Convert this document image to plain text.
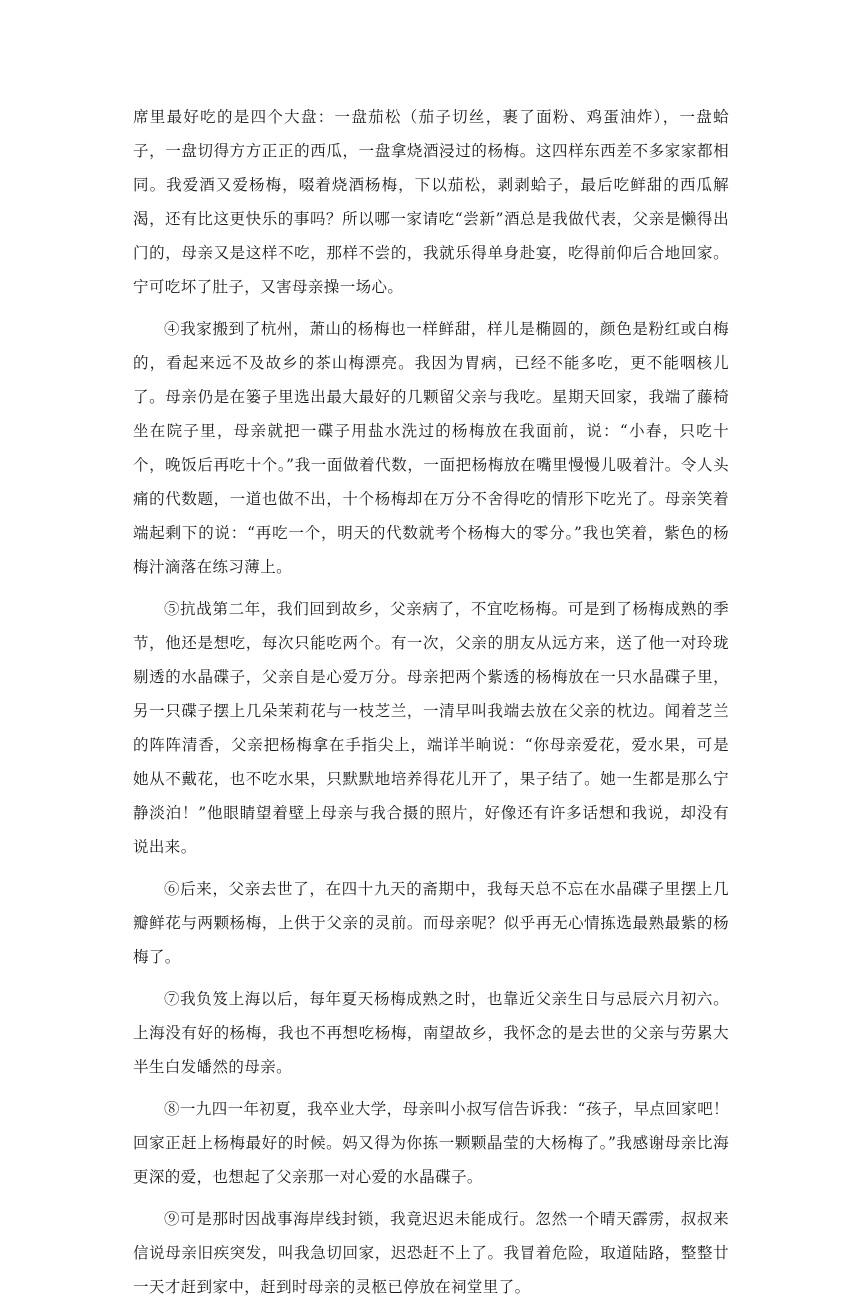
席里最好吃的是四个大盘：一盘茄松（茄子切丝，裹了面粉、鸡蛋油炸），一盘蛤子，一盘切得方方正正的西瓜，一盘拿烧酒浸过的杨梅。这四样东西差不多家家都相同。我爱酒又爱杨梅，啜着烧酒杨梅，下以茄松，剥剥蛤子，最后吃鲜甜的西瓜解渴，还有比这更快乐的事吗？所以哪一家请吃“尝新”酒总是我做代表，父亲是懒得出门的，母亲又是这样不吃，那样不尝的，我就乐得单身赴宴，吃得前仰后合地回家。宁可吃坏了肚子，又害母亲操一场心。

④我家搬到了杭州，萧山的杨梅也一样鲜甜，样儿是椭圆的，颜色是粉红或白梅的，看起来远不及故乡的茶山梅漂亮。我因为胃病，已经不能多吃，更不能咽核儿了。母亲仍是在篓子里选出最大最好的几颗留父亲与我吃。星期天回家，我端了藤椅坐在院子里，母亲就把一碟子用盐水洗过的杨梅放在我面前，说：“小春，只吃十个，晚饭后再吃十个。”我一面做着代数，一面把杨梅放在嘴里慢慢儿吸着汁。令人头痛的代数题，一道也做不出，十个杨梅却在万分不舍得吃的情形下吃光了。母亲笑着端起剩下的说：“再吃一个，明天的代数就考个杨梅大的零分。”我也笑着，紫色的杨梅汁滴落在练习薄上。

⑤抗战第二年，我们回到故乡，父亲病了，不宜吃杨梅。可是到了杨梅成熟的季节，他还是想吃，每次只能吃两个。有一次，父亲的朋友从远方来，送了他一对玲珑剔透的水晶碟子，父亲自是心爱万分。母亲把两个紫透的杨梅放在一只水晶碟子里，另一只碟子摆上几朵茉莉花与一枝芝兰，一清早叫我端去放在父亲的枕边。闻着芝兰的阵阵清香，父亲把杨梅拿在手指尖上，端详半晌说：“你母亲爱花，爱水果，可是她从不戴花，也不吃水果，只默默地培养得花儿开了，果子结了。她一生都是那么宁静淡泊！”他眼睛望着壁上母亲与我合摄的照片，好像还有许多话想和我说，却没有说出来。

⑥后来，父亲去世了，在四十九天的斋期中，我每天总不忘在水晶碟子里摆上几瓣鲜花与两颗杨梅，上供于父亲的灵前。而母亲呢？似乎再无心情拣选最熟最紫的杨梅了。

⑦我负笈上海以后，每年夏天杨梅成熟之时，也靠近父亲生日与忌辰六月初六。上海没有好的杨梅，我也不再想吃杨梅，南望故乡，我怀念的是去世的父亲与劳累大半生白发皤然的母亲。

⑧一九四一年初夏，我卒业大学，母亲叫小叔写信告诉我：“孩子，早点回家吧！回家正赶上杨梅最好的时候。妈又得为你拣一颗颗晶莹的大杨梅了。”我感谢母亲比海更深的爱，也想起了父亲那一对心爱的水晶碟子。

⑨可是那时因战事海岸线封锁，我竟迟迟未能成行。忽然一个晴天霹雳，叔叔来信说母亲旧疾突发，叫我急切回家，迟恐赶不上了。我冒着危险，取道陆路，整整廿一天才赶到家中，赶到时母亲的灵柩已停放在祠堂里了。
